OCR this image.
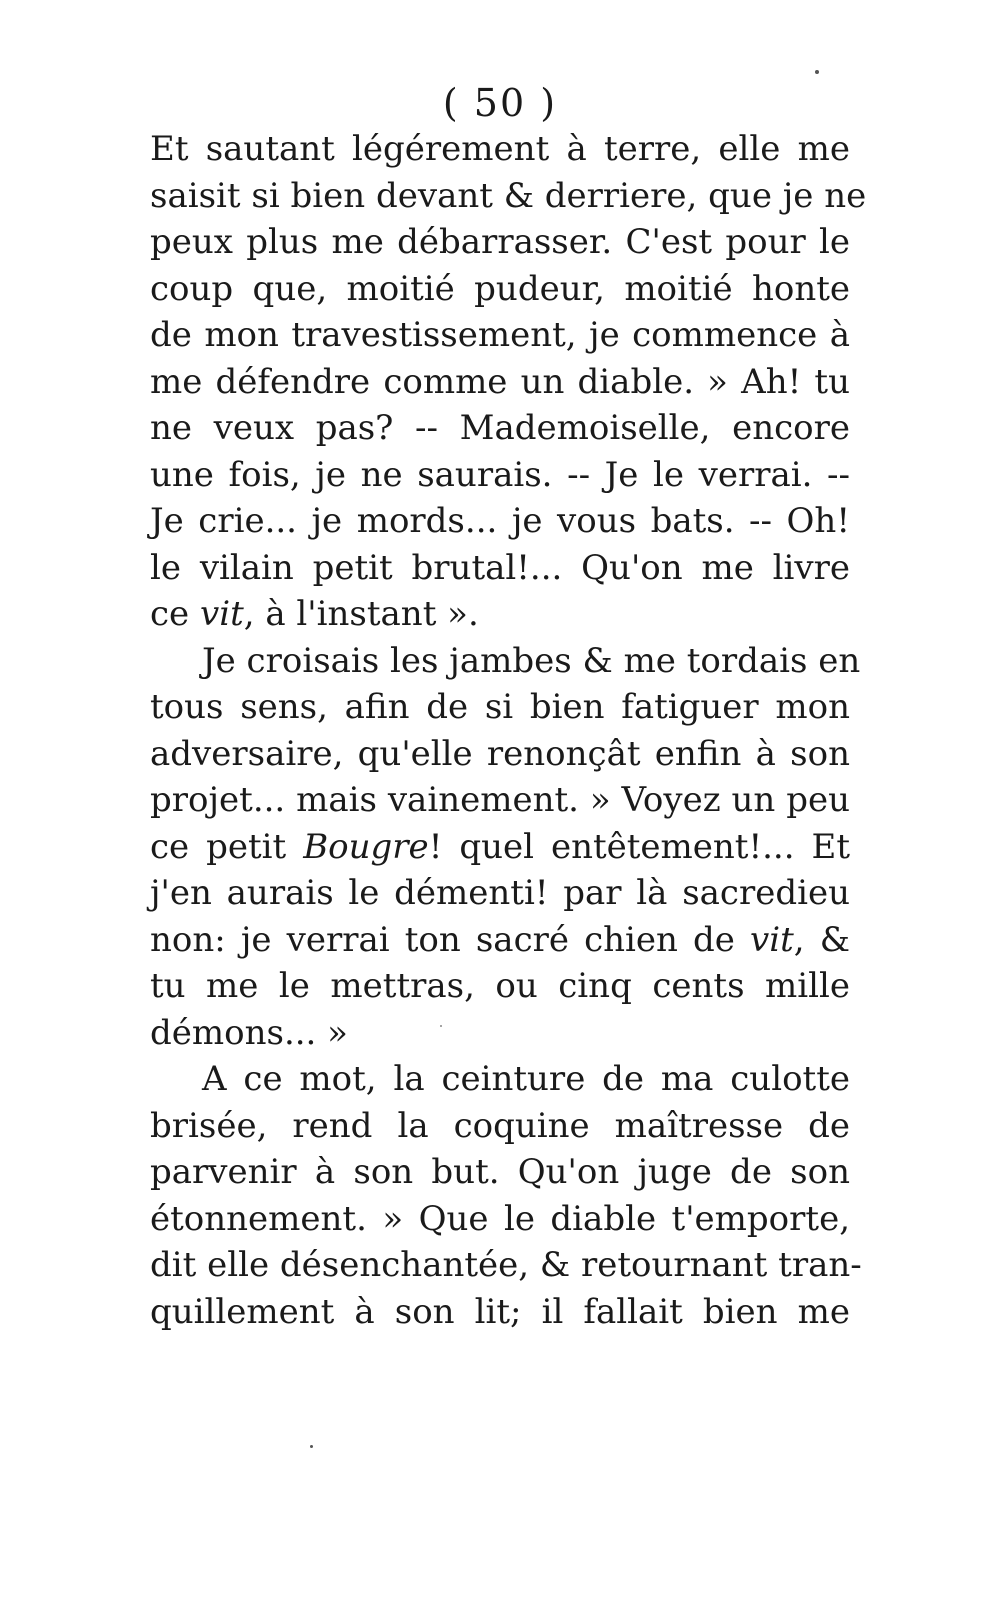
( 50 )
Et sautant légérement à terre, elle me
saisit si bien devant & derriere, que je ne
peux plus me débarrasser. C'est pour le
coup que, moitié pudeur, moitié honte
de mon travestissement, je commence à
me défendre comme un diable. » Ah! tu
ne veux pas? -- Mademoiselle, encore
une fois, je ne saurais. -- Je le verrai. --
Je crie... je mords... je vous bats. -- Oh!
le vilain petit brutal!... Qu'on me livre
ce vit, à l'instant ».
Je croisais les jambes & me tordais en
tous sens, afin de si bien fatiguer mon
adversaire, qu'elle renonçât enfin à son
projet... mais vainement. » Voyez un peu
ce petit Bougre! quel entêtement!... Et
j'en aurais le démenti! par là sacredieu
non: je verrai ton sacré chien de vit, &
tu me le mettras, ou cinq cents mille
démons... »
A ce mot, la ceinture de ma culotte
brisée, rend la coquine maîtresse de
parvenir à son but. Qu'on juge de son
étonnement. » Que le diable t'emporte,
dit elle désenchantée, & retournant tran-
quillement à son lit; il fallait bien me
